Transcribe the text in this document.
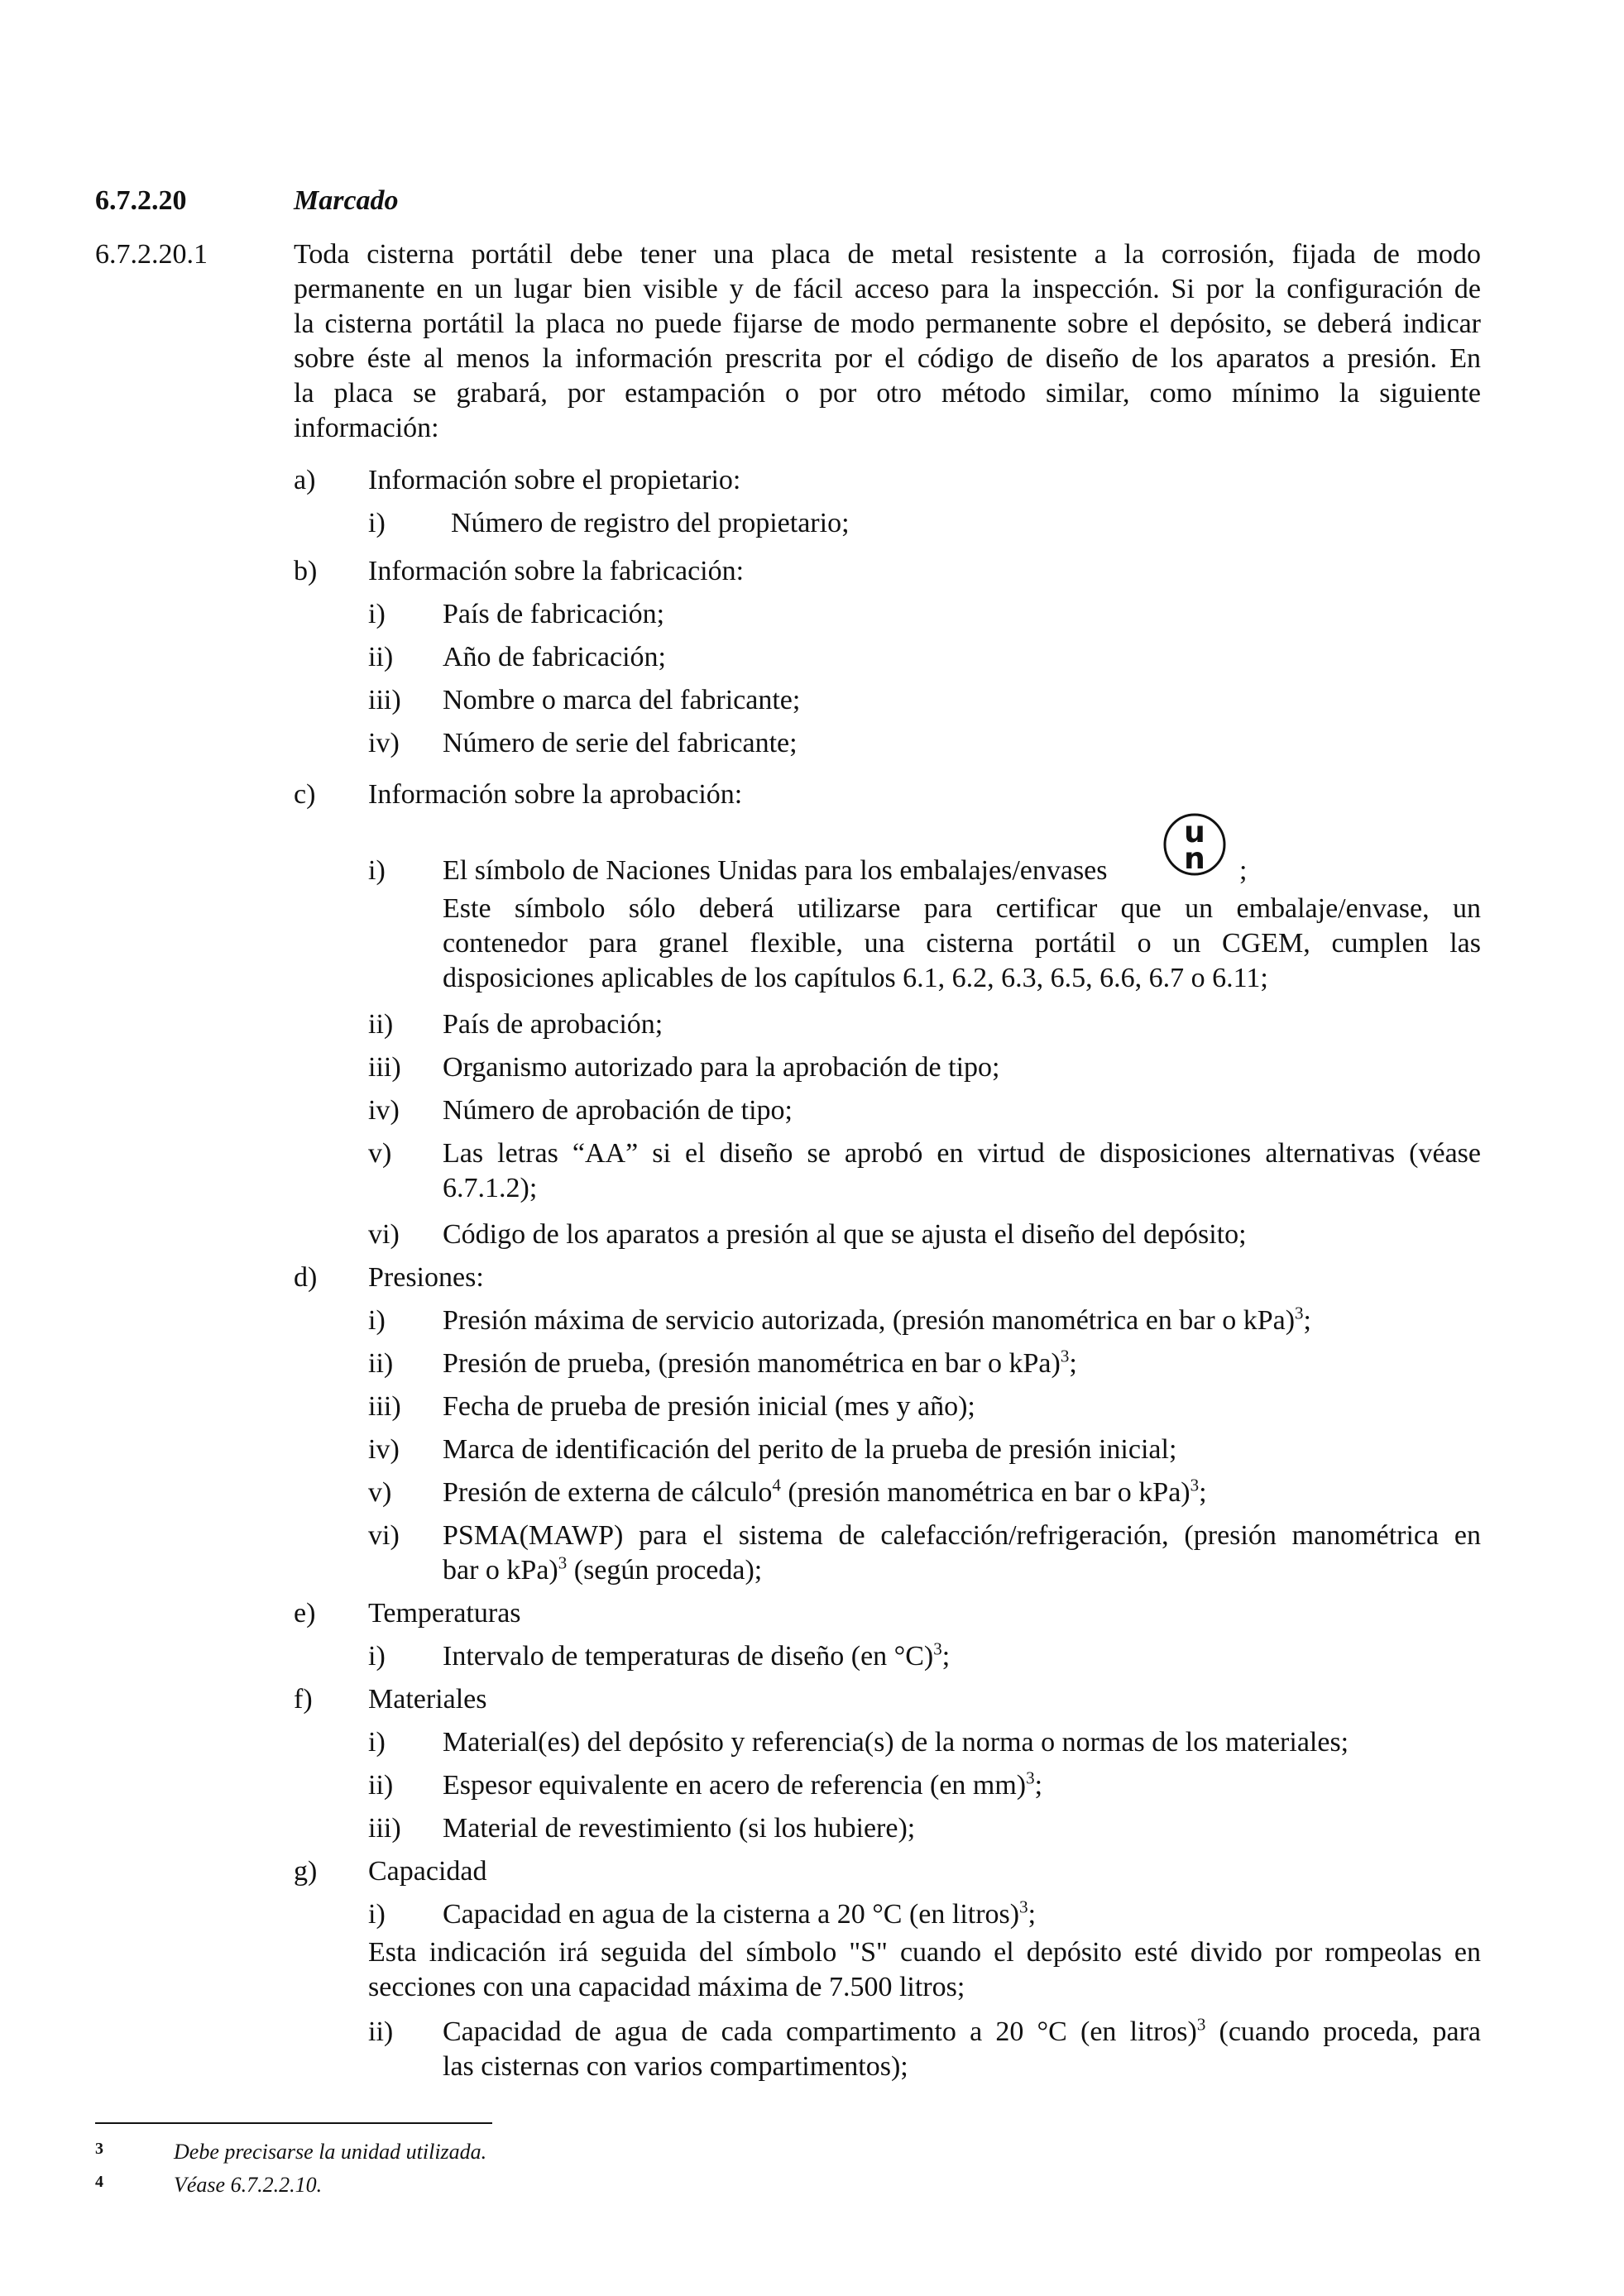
6.7.2.20	Marcado
6.7.2.20.1	Toda cisterna portátil debe tener una placa de metal resistente a la corrosión, fijada de modo
permanente en un lugar bien visible y de fácil acceso para la inspección. Si por la configuración de
la cisterna portátil la placa no puede fijarse de modo permanente sobre el depósito, se deberá indicar
sobre éste al menos la información prescrita por el código de diseño de los aparatos a presión. En
la placa se grabará, por estampación o por otro método similar, como mínimo la siguiente
información:
a) Información sobre el propietario:
i) Número de registro del propietario;
b) Información sobre la fabricación:
i) País de fabricación;
ii) Año de fabricación;
iii) Nombre o marca del fabricante;
iv) Número de serie del fabricante;
c) Información sobre la aprobación:
i) El símbolo de Naciones Unidas para los embalajes/envases
u
n ;
Este símbolo sólo deberá utilizarse para certificar que un embalaje/envase, un
contenedor para granel flexible, una cisterna portátil o un CGEM, cumplen las
disposiciones aplicables de los capítulos 6.1, 6.2, 6.3, 6.5, 6.6, 6.7 o 6.11;
ii) País de aprobación;
iii) Organismo autorizado para la aprobación de tipo;
iv) Número de aprobación de tipo;
v) Las letras “AA” si el diseño se aprobó en virtud de disposiciones alternativas (véase
6.7.1.2);
vi) Código de los aparatos a presión al que se ajusta el diseño del depósito;
d) Presiones:
i) Presión máxima de servicio autorizada, (presión manométrica en bar o kPa)$^3$;
ii) Presión de prueba, (presión manométrica en bar o kPa)$^3$;
iii) Fecha de prueba de presión inicial (mes y año);
iv) Marca de identificación del perito de la prueba de presión inicial;
v) Presión de externa de cálculo$^4$ (presión manométrica en bar o kPa)$^3$;
vi) PSMA(MAWP) para el sistema de calefacción/refrigeración, (presión manométrica en
bar o kPa)$^3$ (según proceda);
e) Temperaturas
i) Intervalo de temperaturas de diseño (en °C)$^3$;
f) Materiales
i) Material(es) del depósito y referencia(s) de la norma o normas de los materiales;
ii) Espesor equivalente en acero de referencia (en mm)$^3$;
iii) Material de revestimiento (si los hubiere);
g) Capacidad
i) Capacidad en agua de la cisterna a 20 °C (en litros)$^3$;
Esta indicación irá seguida del símbolo "S" cuando el depósito esté divido por rompeolas en
secciones con una capacidad máxima de 7.500 litros;
ii) Capacidad de agua de cada compartimento a 20 °C (en litros)$^3$ (cuando proceda, para
las cisternas con varios compartimentos);
3	Debe precisarse la unidad utilizada.
4	Véase 6.7.2.2.10.
